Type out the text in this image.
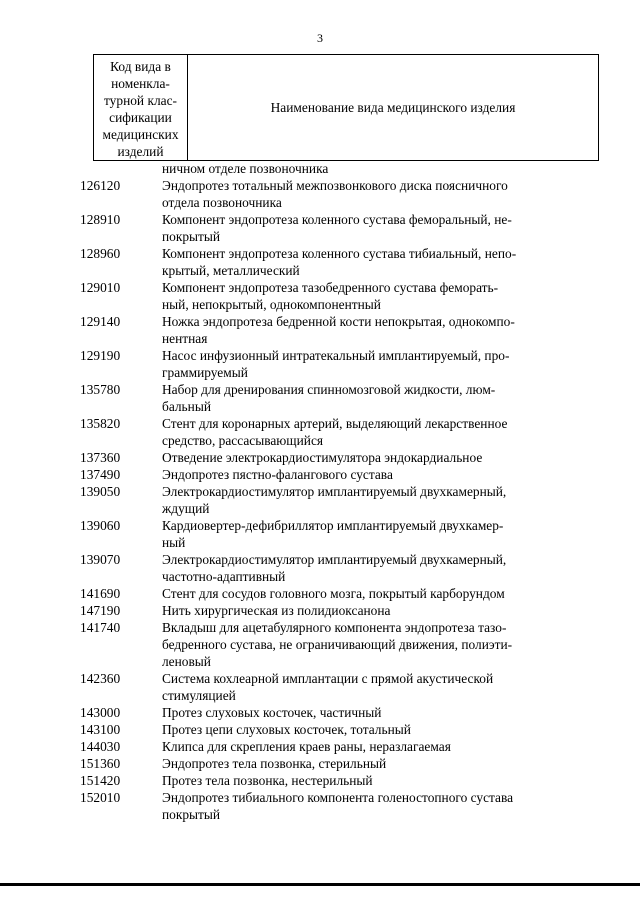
3
Код вида в
номенкла-
турной клас-
сификации
медицинских
изделий
Наименование вида медицинского изделия
ничном отделе позвоночника
126120	Эндопротез тотальный межпозвонкового диска поясничного
отдела позвоночника
128910	Компонент эндопротеза коленного сустава феморальный, не-
покрытый
128960	Компонент эндопротеза коленного сустава тибиальный, непо-
крытый, металлический
129010	Компонент эндопротеза тазобедренного сустава феморать-
ный, непокрытый, однокомпонентный
129140	Ножка эндопротеза бедренной кости непокрытая, однокомпо-
нентная
129190	Насос инфузионный интратекальный имплантируемый, про-
граммируемый
135780	Набор для дренирования спинномозговой жидкости, люм-
бальный
135820	Стент для коронарных артерий, выделяющий лекарственное
средство, рассасывающийся
137360	Отведение электрокардиостимулятора эндокардиальное
137490	Эндопротез пястно-фалангового сустава
139050	Электрокардиостимулятор имплантируемый двухкамерный,
ждущий
139060	Кардиовертер-дефибриллятор имплантируемый двухкамер-
ный
139070	Электрокардиостимулятор имплантируемый двухкамерный,
частотно-адаптивный
141690	Стент для сосудов головного мозга, покрытый карборундом
147190	Нить хирургическая из полидиоксанона
141740	Вкладыш для ацетабулярного компонента эндопротеза тазо-
бедренного сустава, не ограничивающий движения, полиэти-
леновый
142360	Система кохлеарной имплантации с прямой акустической
стимуляцией
143000	Протез слуховых косточек, частичный
143100	Протез цепи слуховых косточек, тотальный
144030	Клипса для скрепления краев раны, неразлагаемая
151360	Эндопротез тела позвонка, стерильный
151420	Протез тела позвонка, нестерильный
152010	Эндопротез тибиального компонента голеностопного сустава
покрытый
